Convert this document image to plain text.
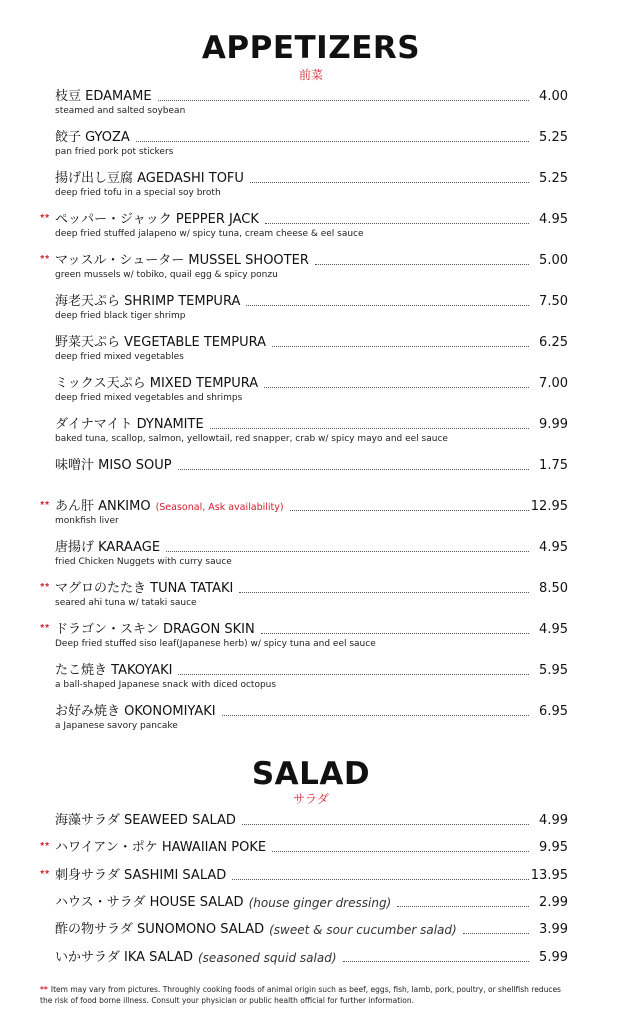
APPETIZERS
前菜
枝豆 EDAMAME	4.00
steamed and salted soybean
餃子 GYOZA	5.25
pan fried pork pot stickers
揚げ出し豆腐 AGEDASHI TOFU	5.25
deep fried tofu in a special soy broth
** ペッパー・ジャック PEPPER JACK	4.95
deep fried stuffed jalapeno w/ spicy tuna, cream cheese & eel sauce
** マッスル・シューター MUSSEL SHOOTER	5.00
green mussels w/ tobiko, quail egg & spicy ponzu
海老天ぷら SHRIMP TEMPURA	7.50
deep fried black tiger shrimp
野菜天ぷら VEGETABLE TEMPURA	6.25
deep fried mixed vegetables
ミックス天ぷら MIXED TEMPURA	7.00
deep fried mixed vegetables and shrimps
ダイナマイト DYNAMITE	9.99
baked tuna, scallop, salmon, yellowtail, red snapper, crab w/ spicy mayo and eel sauce
味噌汁 MISO SOUP	1.75
** あん肝 ANKIMO (Seasonal, Ask availability)	12.95
monkfish liver
唐揚げ KARAAGE	4.95
fried Chicken Nuggets with curry sauce
** マグロのたたき TUNA TATAKI	8.50
seared ahi tuna w/ tataki sauce
** ドラゴン・スキン DRAGON SKIN	4.95
Deep fried stuffed siso leaf(Japanese herb) w/ spicy tuna and eel sauce
たこ焼き TAKOYAKI	5.95
a ball-shaped Japanese snack with diced octopus
お好み焼き OKONOMIYAKI	6.95
a Japanese savory pancake
SALAD
サラダ
海藻サラダ SEAWEED SALAD	4.99
** ハワイアン・ポケ HAWAIIAN POKE	9.95
** 刺身サラダ SASHIMI SALAD	13.95
ハウス・サラダ HOUSE SALAD (house ginger dressing)	2.99
酢の物サラダ SUNOMONO SALAD (sweet & sour cucumber salad)	3.99
いかサラダ IKA SALAD (seasoned squid salad)	5.99
** Item may vary from pictures. Throughly cooking foods of animal origin such as beef, eggs, fish, lamb, pork, poultry, or shellfish reduces the risk of food borne illness. Consult your physician or public health official for further information.
